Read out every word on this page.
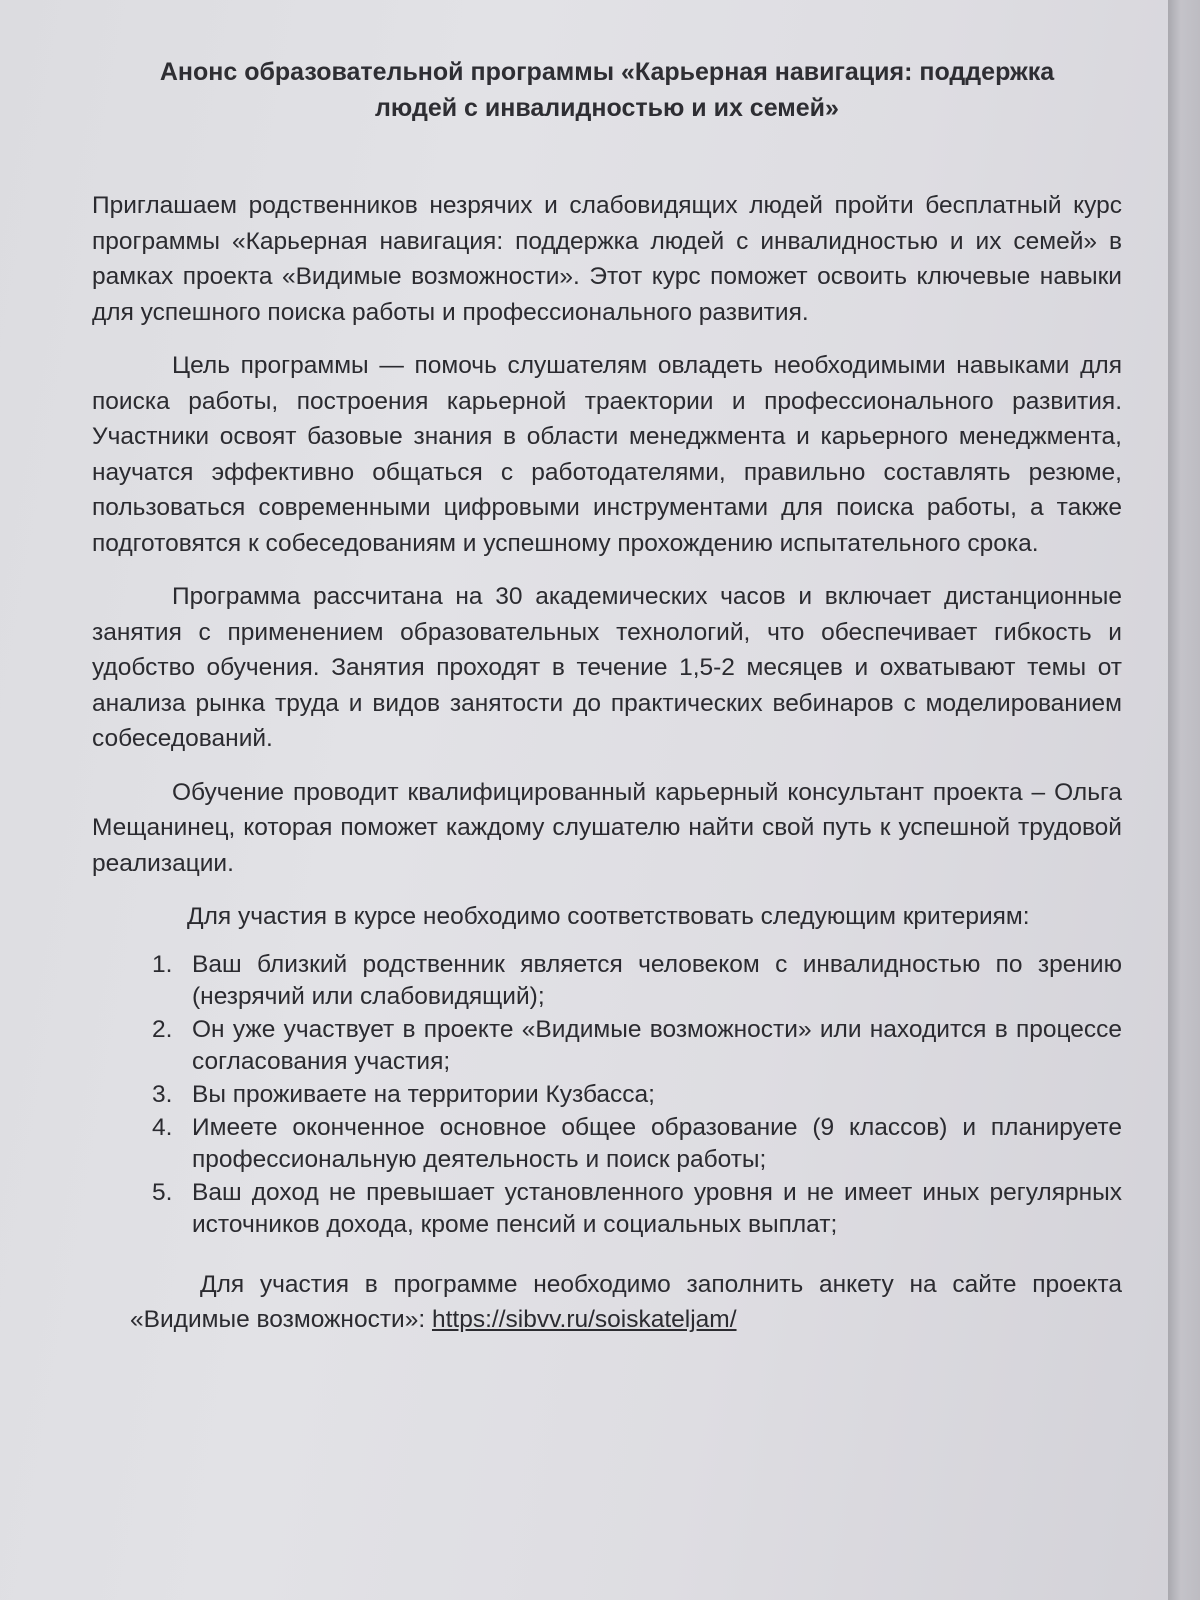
Анонс образовательной программы «Карьерная навигация: поддержка людей с инвалидностью и их семей»

Приглашаем родственников незрячих и слабовидящих людей пройти бесплатный курс программы «Карьерная навигация: поддержка людей с инвалидностью и их семей» в рамках проекта «Видимые возможности». Этот курс поможет освоить ключевые навыки для успешного поиска работы и профессионального развития.

Цель программы — помочь слушателям овладеть необходимыми навыками для поиска работы, построения карьерной траектории и профессионального развития. Участники освоят базовые знания в области менеджмента и карьерного менеджмента, научатся эффективно общаться с работодателями, правильно составлять резюме, пользоваться современными цифровыми инструментами для поиска работы, а также подготовятся к собеседованиям и успешному прохождению испытательного срока.

Программа рассчитана на 30 академических часов и включает дистанционные занятия с применением образовательных технологий, что обеспечивает гибкость и удобство обучения. Занятия проходят в течение 1,5-2 месяцев и охватывают темы от анализа рынка труда и видов занятости до практических вебинаров с моделированием собеседований.

Обучение проводит квалифицированный карьерный консультант проекта – Ольга Мещанинец, которая поможет каждому слушателю найти свой путь к успешной трудовой реализации.

Для участия в курсе необходимо соответствовать следующим критериям:

1. Ваш близкий родственник является человеком с инвалидностью по зрению (незрячий или слабовидящий);
2. Он уже участвует в проекте «Видимые возможности» или находится в процессе согласования участия;
3. Вы проживаете на территории Кузбасса;
4. Имеете оконченное основное общее образование (9 классов) и планируете профессиональную деятельность и поиск работы;
5. Ваш доход не превышает установленного уровня и не имеет иных регулярных источников дохода, кроме пенсий и социальных выплат;

Для участия в программе необходимо заполнить анкету на сайте проекта «Видимые возможности»: https://sibvv.ru/soiskateljam/
